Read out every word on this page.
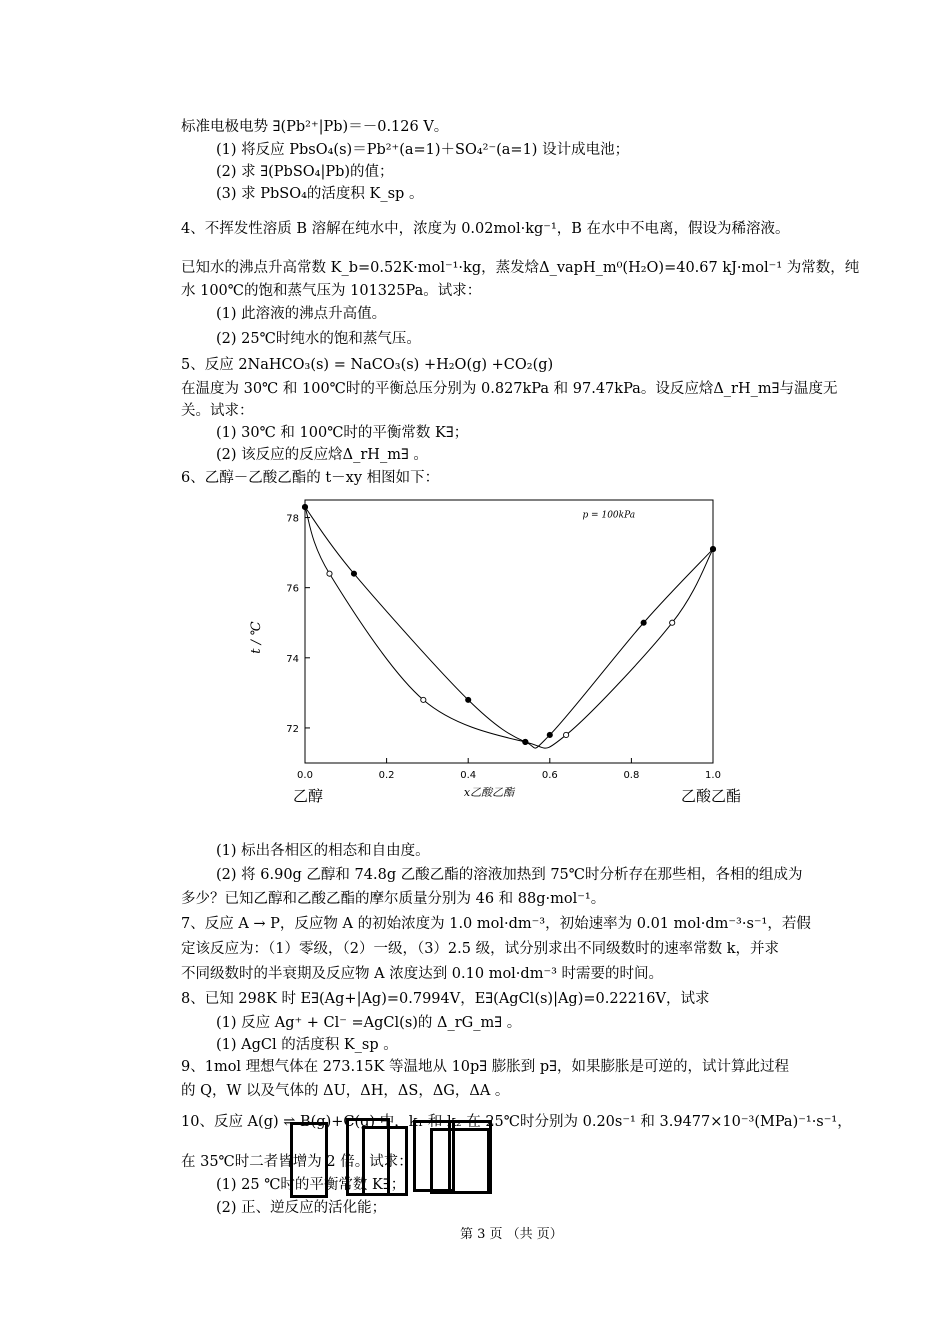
标准电极电势 ∃(Pb²⁺|Pb)＝－0.126 V。
(1) 将反应 PbsO₄(s)＝Pb²⁺(a=1)＋SO₄²⁻(a=1) 设计成电池；
(2) 求 ∃(PbSO₄|Pb)的值；
(3) 求 PbSO₄的活度积 K_sp 。
4、不挥发性溶质 B 溶解在纯水中，浓度为 0.02mol·kg⁻¹，B 在水中不电离，假设为稀溶液。
已知水的沸点升高常数 K_b=0.52K·mol⁻¹·kg，蒸发焓Δ_vapH_m⁰(H₂O)=40.67 kJ·mol⁻¹ 为常数，纯
水 100℃的饱和蒸气压为 101325Pa。试求：
(1) 此溶液的沸点升高值。
(2) 25℃时纯水的饱和蒸气压。
5、反应 2NaHCO₃(s) = NaCO₃(s) +H₂O(g) +CO₂(g)
在温度为 30℃ 和 100℃时的平衡总压分别为 0.827kPa 和 97.47kPa。设反应焓Δ_rH_m∃与温度无
关。试求：
(1) 30℃ 和 100℃时的平衡常数 K∃；
(2) 该反应的反应焓Δ_rH_m∃ 。
6、乙醇－乙酸乙酯的 t－xy 相图如下：
0.0	0.2	0.4	0.6	0.8	1.0
72
74
76
78
t / ℃
x乙酸乙酯
p = 100kPa
乙醇	乙酸乙酯
(1) 标出各相区的相态和自由度。
(2) 将 6.90g 乙醇和 74.8g 乙酸乙酯的溶液加热到 75℃时分析存在那些相，各相的组成为
多少？已知乙醇和乙酸乙酯的摩尔质量分别为 46 和 88g·mol⁻¹。
7、反应 A → P，反应物 A 的初始浓度为 1.0 mol·dm⁻³，初始速率为 0.01 mol·dm⁻³·s⁻¹，若假
定该反应为：（1）零级，（2）一级，（3）2.5 级，试分别求出不同级数时的速率常数 k，并求
不同级数时的半衰期及反应物 A 浓度达到 0.10 mol·dm⁻³ 时需要的时间。
8、已知 298K 时 E∃(Ag+|Ag)=0.7994V，E∃(AgCl(s)|Ag)=0.22216V，试求
(1) 反应 Ag⁺ + Cl⁻ =AgCl(s)的 Δ_rG_m∃ 。
(1) AgCl 的活度积 K_sp 。
9、1mol 理想气体在 273.15K 等温地从 10p∃ 膨胀到 p∃，如果膨胀是可逆的，试计算此过程
的 Q，W 以及气体的 ΔU，ΔH，ΔS，ΔG，ΔA 。
10、反应 A(g) ⇌ B(g)+C(g) 中，k₁ 和 k₂ 在 25℃时分别为 0.20s⁻¹ 和 3.9477×10⁻³(MPa)⁻¹·s⁻¹，
在 35℃时二者皆增为 2 倍。试求：
(1) 25 ℃时的平衡常数 K∃；
(2) 正、逆反应的活化能；
第 3 页 （共 页）
